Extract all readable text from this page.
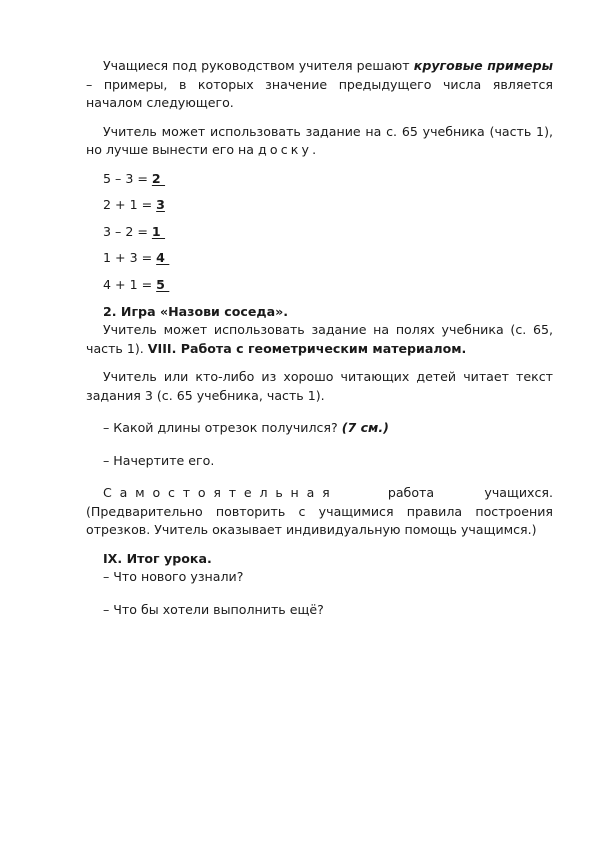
Учащиеся под руководством учителя решают круговые примеры – примеры, в которых значение предыдущего числа является началом следующего.

Учитель может использовать задание на с. 65 учебника (часть 1), но лучше вынести его на доску.

5 – 3 = 2

2 + 1 = 3

3 – 2 = 1

1 + 3 = 4

4 + 1 = 5

2. Игра «Назови соседа».

Учитель может использовать задание на полях учебника (с. 65, часть 1). VIII. Работа с геометрическим материалом.

Учитель или кто-либо из хорошо читающих детей читает текст задания 3 (с. 65 учебника, часть 1).

– Какой длины отрезок получился? (7 см.)

– Начертите его.

Самостоятельная работа учащихся.

(Предварительно повторить с учащимися правила построения отрезков. Учитель оказывает индивидуальную помощь учащимся.)

IX. Итог урока.

– Что нового узнали?

– Что бы хотели выполнить ещё?
